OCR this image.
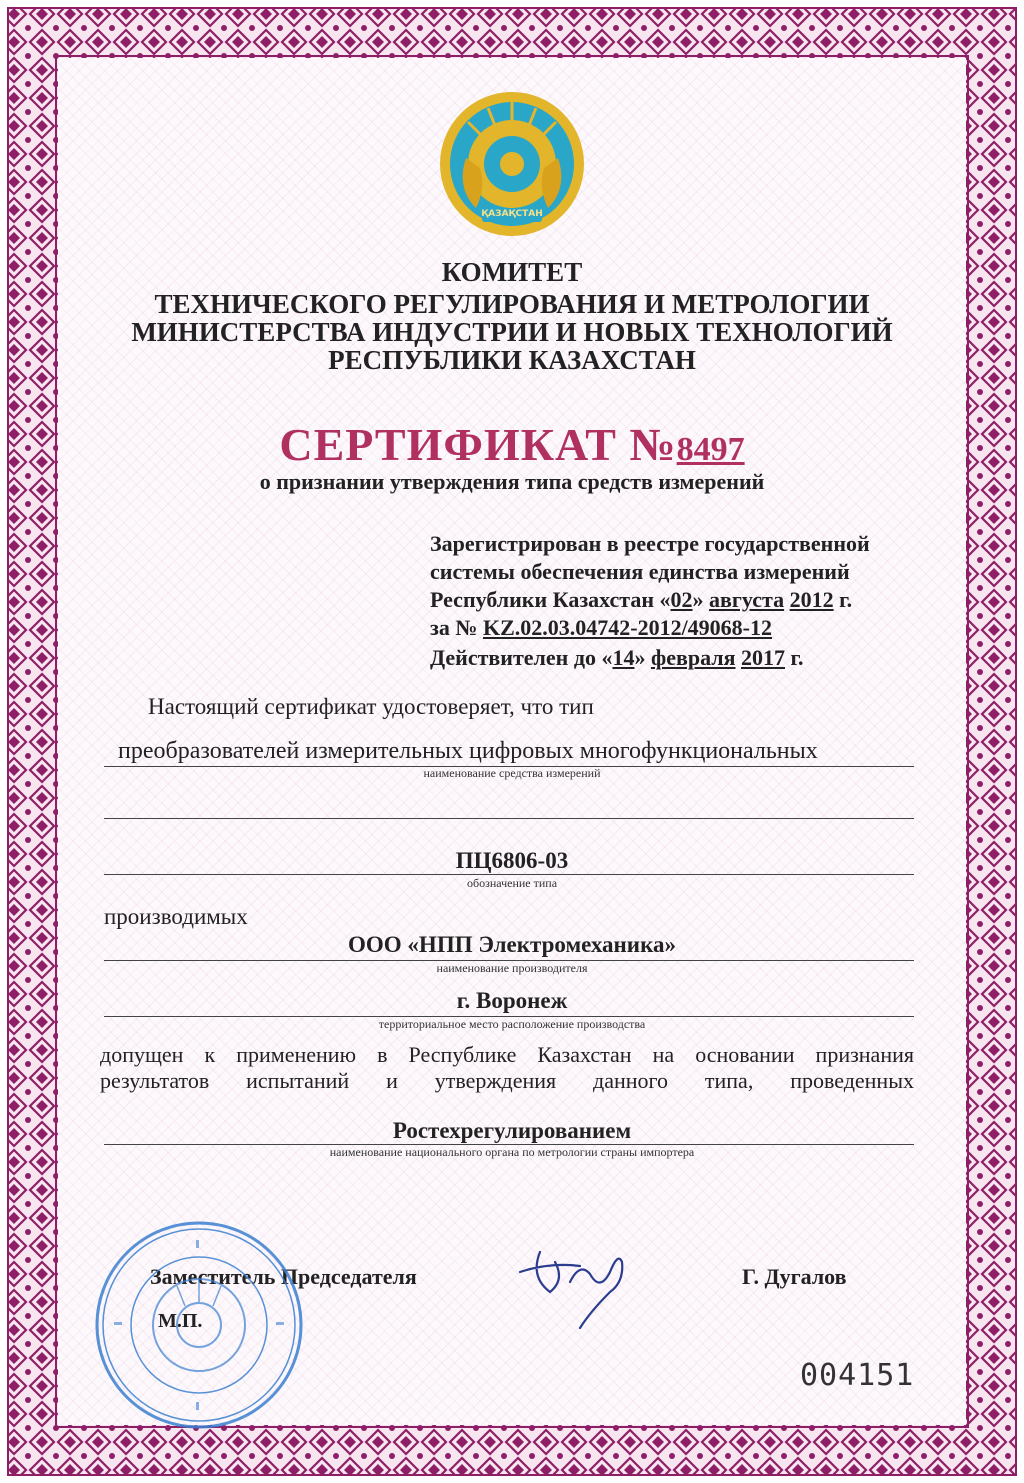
ҚАЗАҚСТАН
КОМИТЕТ
ТЕХНИЧЕСКОГО РЕГУЛИРОВАНИЯ И МЕТРОЛОГИИ
МИНИСТЕРСТВА ИНДУСТРИИ И НОВЫХ ТЕХНОЛОГИЙ
РЕСПУБЛИКИ КАЗАХСТАН
СЕРТИФИКАТ №8497
о признании утверждения типа средств измерений
Зарегистрирован в реестре государственной
системы обеспечения единства измерений
Республики Казахстан «02» августа 2012 г.
за № KZ.02.03.04742-2012/49068-12
Действителен до «14» февраля 2017 г.
Настоящий сертификат удостоверяет, что тип
преобразователей измерительных цифровых многофункциональных
наименование средства измерений
ПЦ6806-03
обозначение типа
производимых
ООО «НПП Электромеханика»
наименование производителя
г. Воронеж
территориальное место расположение производства
допущен к применению в Республике Казахстан на основании признания
результатов испытаний и утверждения данного типа, проведенных
Ростехрегулированием
наименование национального органа по метрологии страны импортера
Заместитель Председателя	Г. Дугалов
М.П.
004151
